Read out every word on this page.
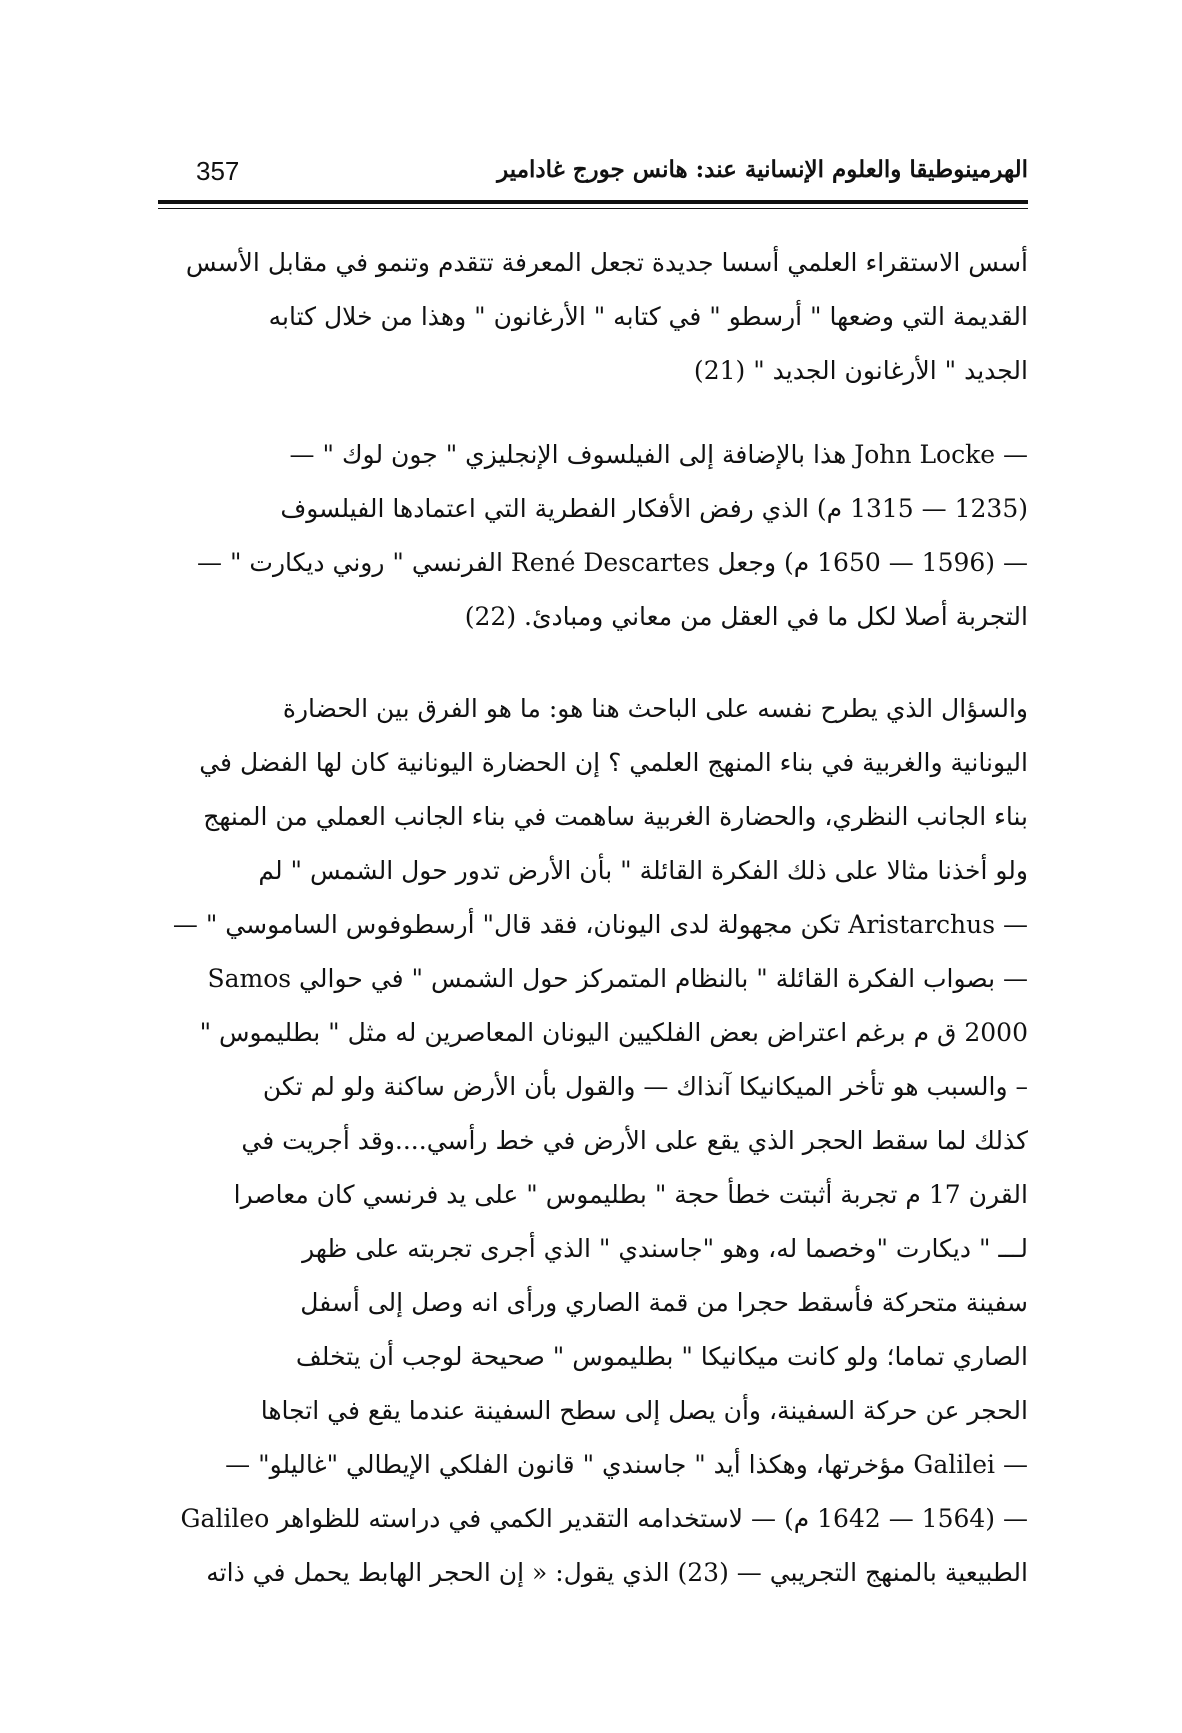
357	الهرمينوطيقا والعلوم الإنسانية عند: هانس جورج غادامير
أسس الاستقراء العلمي أسسا جديدة تجعل المعرفة تتقدم وتنمو في مقابل الأسس
القديمة التي وضعها " أرسطو " في كتابه " الأرغانون " وهذا من خلال كتابه
الجديد " الأرغانون الجديد " (21)
— John Locke هذا بالإضافة إلى الفيلسوف الإنجليزي " جون لوك " —
(1235 — 1315 م) الذي رفض الأفكار الفطرية التي اعتمادها الفيلسوف
— (1596 — 1650 م) وجعل René Descartes الفرنسي " روني ديكارت " —
التجربة أصلا لكل ما في العقل من معاني ومبادئ. (22)
والسؤال الذي يطرح نفسه على الباحث هنا هو: ما هو الفرق بين الحضارة
اليونانية والغربية في بناء المنهج العلمي ؟ إن الحضارة اليونانية كان لها الفضل في
بناء الجانب النظري، والحضارة الغربية ساهمت في بناء الجانب العملي من المنهج
ولو أخذنا مثالا على ذلك الفكرة القائلة " بأن الأرض تدور حول الشمس " لم
— Aristarchus تكن مجهولة لدى اليونان، فقد قال" أرسطوفوس الساموسي " —
— بصواب الفكرة القائلة " بالنظام المتمركز حول الشمس " في حوالي Samos
2000 ق م برغم اعتراض بعض الفلكيين اليونان المعاصرين له مثل " بطليموس "
– والسبب هو تأخر الميكانيكا آنذاك — والقول بأن الأرض ساكنة ولو لم تكن
كذلك لما سقط الحجر الذي يقع على الأرض في خط رأسي....وقد أجريت في
القرن 17 م تجربة أثبتت خطأ حجة " بطليموس " على يد فرنسي كان معاصرا
لـــ " ديكارت "وخصما له، وهو "جاسندي " الذي أجرى تجربته على ظهر
سفينة متحركة فأسقط حجرا من قمة الصاري ورأى انه وصل إلى أسفل
الصاري تماما؛ ولو كانت ميكانيكا " بطليموس " صحيحة لوجب أن يتخلف
الحجر عن حركة السفينة، وأن يصل إلى سطح السفينة عندما يقع في اتجاها
— Galilei مؤخرتها، وهكذا أيد " جاسندي " قانون الفلكي الإيطالي "غاليلو" —
— (1564 — 1642 م) — لاستخدامه التقدير الكمي في دراسته للظواهر Galileo
الطبيعية بالمنهج التجريبي — (23) الذي يقول: « إن الحجر الهابط يحمل في ذاته
